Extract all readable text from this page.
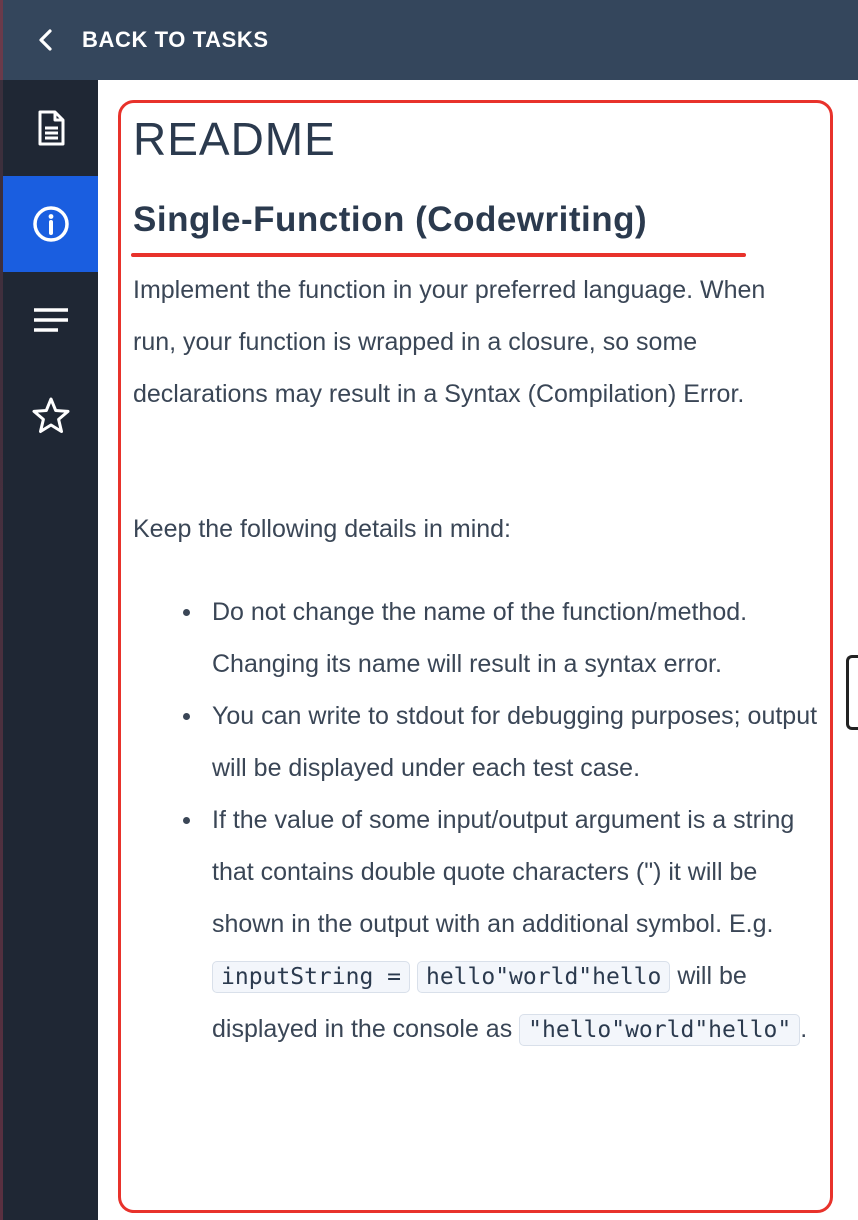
BACK TO TASKS
README
Single-Function (Codewriting)

Implement the function in your preferred language. When run, your function is wrapped in a closure, so some declarations may result in a Syntax (Compilation) Error.

Keep the following details in mind:

Do not change the name of the function/method. Changing its name will result in a syntax error.
You can write to stdout for debugging purposes; output will be displayed under each test case.
If the value of some input/output argument is a string that contains double quote characters (") it will be shown in the output with an additional symbol. E.g. inputString = hello"world"hello will be displayed in the console as "hello"world"hello" .
